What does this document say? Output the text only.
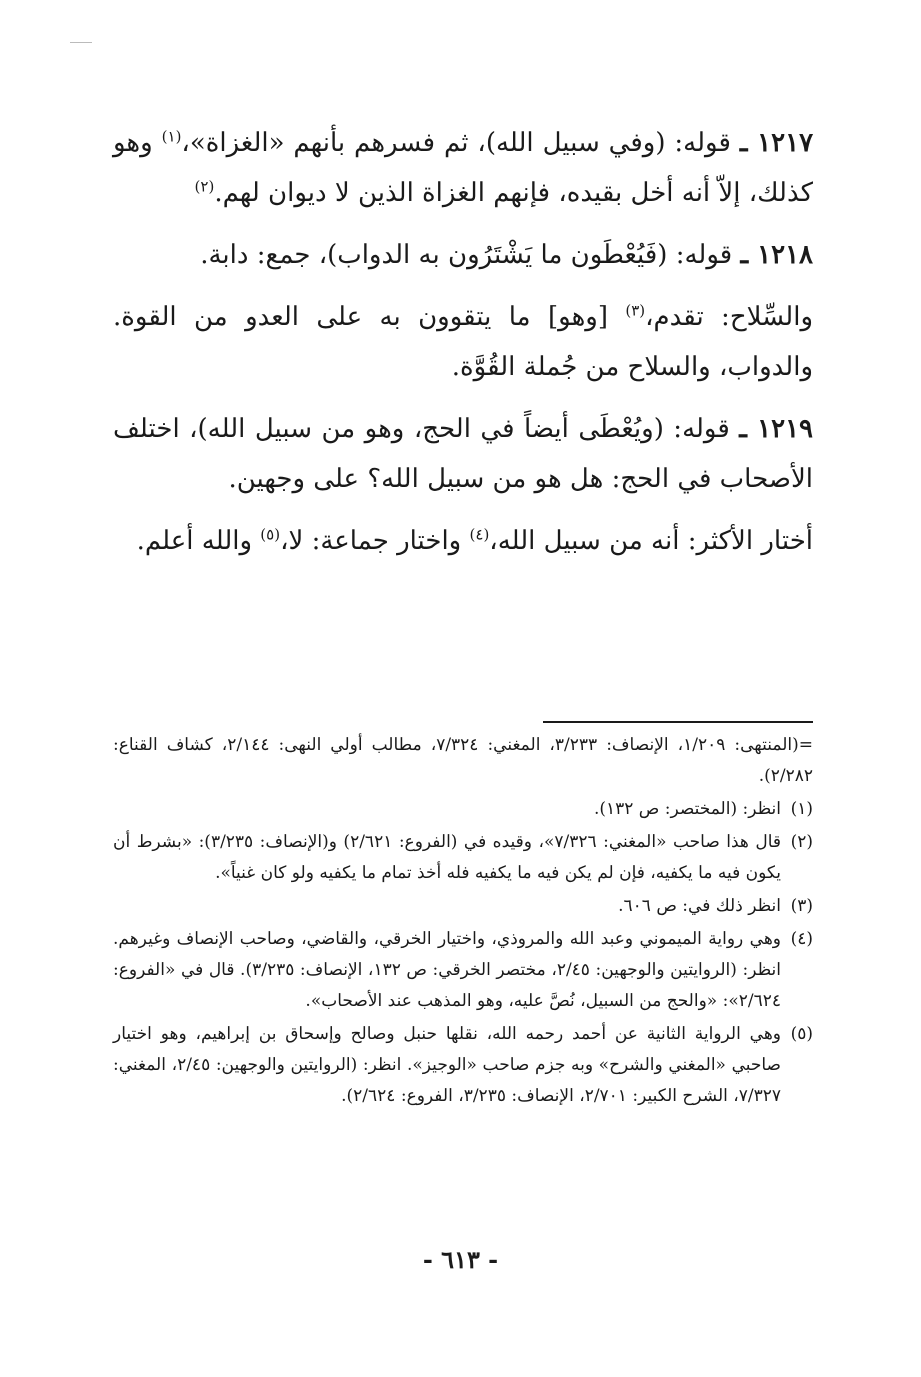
١٢١٧ ـ قوله: (وفي سبيل الله)، ثم فسرهم بأنهم «الغزاة»،$^{(١)}$ وهو كذلك، إلاّ أنه أخل بقيده، فإنهم الغزاة الذين لا ديوان لهم.$^{(٢)}$

١٢١٨ ـ قوله: (فَيُعْطَون ما يَشْتَرُون به الدواب)، جمع: دابة.

والسِّلاح: تقدم،$^{(٣)}$ [وهو] ما يتقوون به على العدو من القوة. والدواب، والسلاح من جُملة القُوَّة.

١٢١٩ ـ قوله: (ويُعْطَى أيضاً في الحج، وهو من سبيل الله)، اختلف الأصحاب في الحج: هل هو من سبيل الله؟ على وجهين.

أختار الأكثر: أنه من سبيل الله،$^{(٤)}$ واختار جماعة: لا،$^{(٥)}$ والله أعلم.

=(المنتهى: ١/٢٠٩، الإنصاف: ٣/٢٣٣، المغني: ٧/٣٢٤، مطالب أولي النهى: ٢/١٤٤، كشاف القناع: ٢/٢٨٢).

(١)
انظر: (المختصر: ص ١٣٢).

(٢)
قال هذا صاحب «المغني: ٧/٣٢٦»، وقيده في (الفروع: ٢/٦٢١) و(الإنصاف: ٣/٢٣٥): «بشرط أن يكون فيه ما يكفيه، فإن لم يكن فيه ما يكفيه فله أخذ تمام ما يكفيه ولو كان غنياً».

(٣)
انظر ذلك في: ص ٦٠٦.

(٤)
وهي رواية الميموني وعبد الله والمروذي، واختيار الخرقي، والقاضي، وصاحب الإنصاف وغيرهم. انظر: (الروايتين والوجهين: ٢/٤٥، مختصر الخرقي: ص ١٣٢، الإنصاف: ٣/٢٣٥). قال في «الفروع: ٢/٦٢٤»: «والحج من السبيل، نُصَّ عليه، وهو المذهب عند الأصحاب».

(٥)
وهي الرواية الثانية عن أحمد رحمه الله، نقلها حنبل وصالح وإسحاق بن إبراهيم، وهو اختيار صاحبي «المغني والشرح» وبه جزم صاحب «الوجيز». انظر: (الروايتين والوجهين: ٢/٤٥، المغني: ٧/٣٢٧، الشرح الكبير: ٢/٧٠١، الإنصاف: ٣/٢٣٥، الفروع: ٢/٦٢٤).

- ٦١٣ -
